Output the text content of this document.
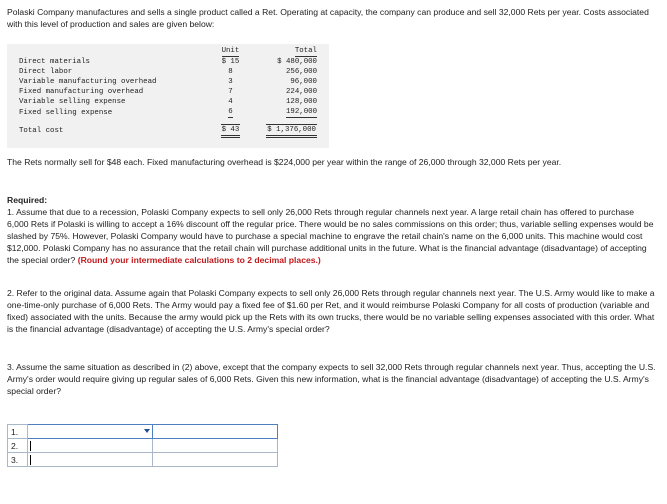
Polaski Company manufactures and sells a single product called a Ret. Operating at capacity, the company can produce and sell 32,000 Rets per year. Costs associated with this level of production and sales are given below:

	Unit	Total
Direct materials	$ 15	$ 480,000
Direct labor	8	256,000
Variable manufacturing overhead	3	96,000
Fixed manufacturing overhead	7	224,000
Variable selling expense	4	128,000
Fixed selling expense	6	192,000

Total cost	$ 43	$ 1,376,000

The Rets normally sell for $48 each. Fixed manufacturing overhead is $224,000 per year within the range of 26,000 through 32,000 Rets per year.

Required:

1. Assume that due to a recession, Polaski Company expects to sell only 26,000 Rets through regular channels next year. A large retail chain has offered to purchase 6,000 Rets if Polaski is willing to accept a 16% discount off the regular price. There would be no sales commissions on this order; thus, variable selling expenses would be slashed by 75%. However, Polaski Company would have to purchase a special machine to engrave the retail chain's name on the 6,000 units. This machine would cost $12,000. Polaski Company has no assurance that the retail chain will purchase additional units in the future. What is the financial advantage (disadvantage) of accepting the special order? (Round your intermediate calculations to 2 decimal places.)

2. Refer to the original data. Assume again that Polaski Company expects to sell only 26,000 Rets through regular channels next year. The U.S. Army would like to make a one-time-only purchase of 6,000 Rets. The Army would pay a fixed fee of $1.60 per Ret, and it would reimburse Polaski Company for all costs of production (variable and fixed) associated with the units. Because the army would pick up the Rets with its own trucks, there would be no variable selling expenses associated with this order. What is the financial advantage (disadvantage) of accepting the U.S. Army's special order?

3. Assume the same situation as described in (2) above, except that the company expects to sell 32,000 Rets through regular channels next year. Thus, accepting the U.S. Army's order would require giving up regular sales of 6,000 Rets. Given this new information, what is the financial advantage (disadvantage) of accepting the U.S. Army's special order?

1.	

2.		
3.		
